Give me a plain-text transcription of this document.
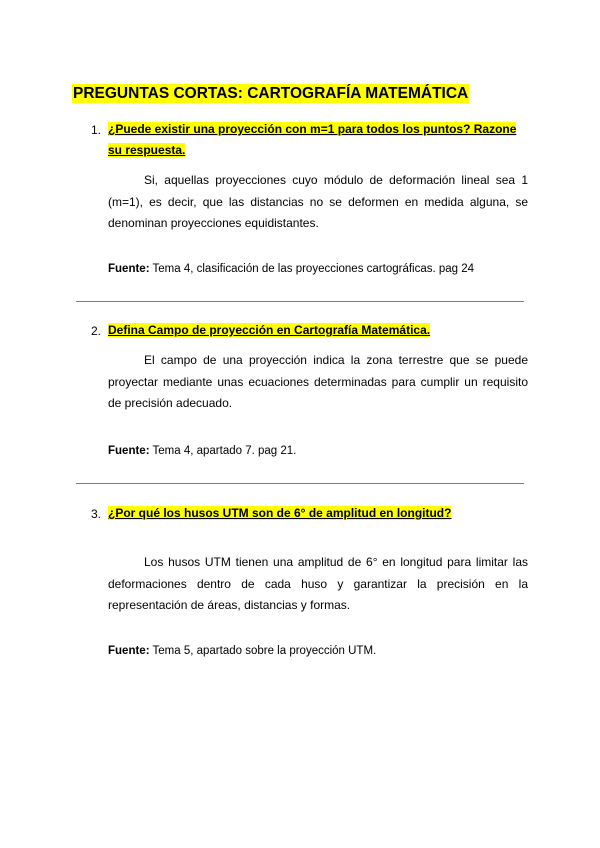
PREGUNTAS CORTAS: CARTOGRAFÍA MATEMÁTICA
1. ¿Puede existir una proyección con m=1 para todos los puntos? Razone su respuesta.
Si, aquellas proyecciones cuyo módulo de deformación lineal sea 1 (m=1), es decir, que las distancias no se deformen en medida alguna, se denominan proyecciones equidistantes.
Fuente: Tema 4, clasificación de las proyecciones cartográficas. pag 24
2. Defina Campo de proyección en Cartografía Matemática.
El campo de una proyección indica la zona terrestre que se puede proyectar mediante unas ecuaciones determinadas para cumplir un requisito de precisión adecuado.
Fuente: Tema 4, apartado 7. pag 21.
3. ¿Por qué los husos UTM son de 6° de amplitud en longitud?
Los husos UTM tienen una amplitud de 6° en longitud para limitar las deformaciones dentro de cada huso y garantizar la precisión en la representación de áreas, distancias y formas.
Fuente: Tema 5, apartado sobre la proyección UTM.
